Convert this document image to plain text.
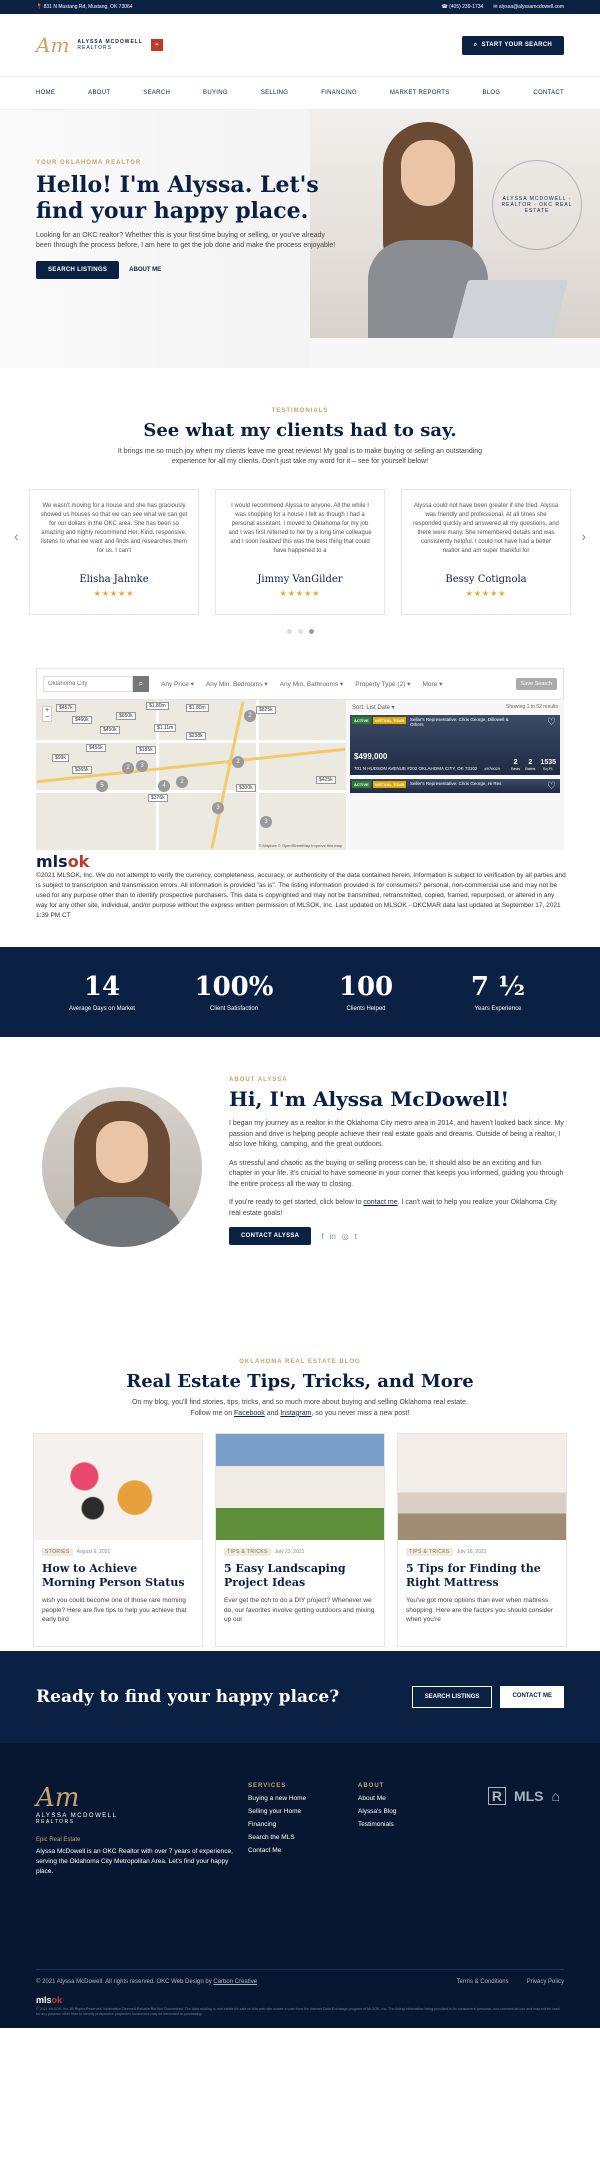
📍 831 N Mustang Rd, Mustang, OK 73064	☎ (405) 239-1734 ✉ alyssa@alyssamcdowell.com
Am ALYSSA MCDOWELL
REALTORS	✦	⌕ START YOUR SEARCH
HOME	ABOUT	SEARCH	BUYING	SELLING	FINANCING	MARKET REPORTS	BLOG	CONTACT
ALYSSA MCDOWELL · REALTOR · OKC REAL ESTATE
YOUR OKLAHOMA REALTOR
Hello! I'm Alyssa. Let's find your happy place.

Looking for an OKC realtor? Whether this is your first time buying or selling, or you've already been through the process before, I am here to get the job done and make the process enjoyable!

SEARCH LISTINGS	ABOUT ME
TESTIMONIALS
See what my clients had to say.
It brings me so much joy when my clients leave me great reviews! My goal is to make buying or selling an outstanding experience for all my clients. Don't just take my word for it – see for yourself below!
‹	›
We wasn't moving for a house and she has graciously showed us houses so that we can see what we can get for our dollars in the OKC area. She has been so amazing and highly recommend Her. Kind, responsive, listens to what we want and finds and researches them for us. I can't
Elisha Jahnke
★★★★★
I would recommend Alyssa to anyone. All the while I was shopping for a house I felt as though I had a personal assistant. I moved to Oklahoma for my job and I was first referred to her by a long time colleague and I soon realized this was the best thing that could have happened to a
Jimmy VanGilder
★★★★★
Alyssa could not have been greater if she tried. Alyssa was friendly and professional. At all times she responded quickly and answered all my questions, and there were many. She remembered details and was consistently helpful. I could not have had a better realtor and am super thankful for
Bessy Cotignola
★★★★★
Oklahoma City
⌕	Any Price ▾ Any Min. Bedrooms ▾ Any Min. Bathrooms ▾ Property Type (2) ▾ More ▾	Save Search
+
−
$457k	$1.80m	$1.80m	$825k
$460k
$650k
$450k	$1.11m
$238k
$456k	$185k
$99k
$365k
$376k
$300k
$425k
5
2	3
2
4
2
2
3
3
© Mapbox © OpenStreetMap Improve this map
Sort: List Date ▾	Showing 1 to 52 results
ACTIVE	VIRTUAL TOUR	Sellar's Representative: Chris George, Dillowell & Others	♡
$499,000
701 N HUDSON AVENUE #202 OKLAHOMA CITY, OK 73102 #976029
2
Beds
2
Baths
1535
Sq.Ft.
ACTIVE	VIRTUAL TOUR	Seller's Representative: Chris George, Hi Res	♡
mlsok
©2021 MLSOK, Inc. We do not attempt to verify the currency, completeness, accuracy, or authenticity of the data contained herein. Information is subject to verification by all parties and is subject to transcription and transmission errors. All information is provided "as is". The listing information provided is for consumers? personal, non-commercial use and may not be used for any purpose other than to identify prospective purchasers. This data is copyrighted and may not be transmitted, retransmitted, copied, framed, repurposed, or altered in any way for any other site, individual, and/or purpose without the express written permission of MLSOK, Inc. Last updated on MLSOK - OKCMAR data last updated at September 17, 2021 1:39 PM CT
14
Average Days on Market
100%
Client Satisfaction
100
Clients Helped
7 ½
Years Experience
ABOUT ALYSSA
Hi, I'm Alyssa McDowell!

I began my journey as a realtor in the Oklahoma City metro area in 2014, and haven't looked back since. My passion and drive is helping people achieve their real estate goals and dreams. Outside of being a realtor, I also love hiking, camping, and the great outdoors.

As stressful and chaotic as the buying or selling process can be, it should also be an exciting and fun chapter in your life. It's crucial to have someone in your corner that keeps you informed, guiding you through the entire process all the way to closing.

If you're ready to get started, click below to contact me. I can't wait to help you realize your Oklahoma City real estate goals!

CONTACT ALYSSA	f in ◎ t
OKLAHOMA REAL ESTATE BLOG
Real Estate Tips, Tricks, and More
On my blog, you'll find stories, tips, tricks, and so much more about buying and selling Oklahoma real estate.
Follow me on Facebook and Instagram, so you never miss a new post!
STORIES	August 6, 2021
How to Achieve Morning Person Status

wish you could become one of those rare morning people? Here are five tips to help you achieve that early bird

TIPS & TRICKS	July 23, 2021
5 Easy Landscaping Project Ideas

Ever get the itch to do a DIY project? Whenever we do, our favorites involve getting outdoors and mixing up our

TIPS & TRICKS	July 16, 2021
5 Tips for Finding the Right Mattress

You've got more options than ever when mattress shopping. Here are the factors you should consider when you're

Ready to find your happy place?	SEARCH LISTINGS	CONTACT ME
Am
ALYSSA MCDOWELL
REALTORS
Epic Real Estate
Alyssa McDowell is an OKC Realtor with over 7 years of experience, serving the Oklahoma City Metropolitan Area. Let's find your happy place.
SERVICES
Buying a new Home
Selling your Home
Financing
Search the MLS
Contact Me
ABOUT
About Me
Alyssa's Blog
Testimonials
R MLS ⌂
© 2021 Alyssa McDowell. All rights reserved. OKC Web Design by Carbon Creative	Terms & Conditions	Privacy Policy
mlsok
© 2021 MLSOK, Inc. All Rights Reserved. Information Deemed Reliable But Not Guaranteed. The data relating to real estate for sale on this web site comes in part from the Internet Data Exchange program of MLSOK, Inc. The listing information being provided is for consumers' personal, non-commercial use and may not be used for any purpose other than to identify prospective properties consumers may be interested in purchasing.
